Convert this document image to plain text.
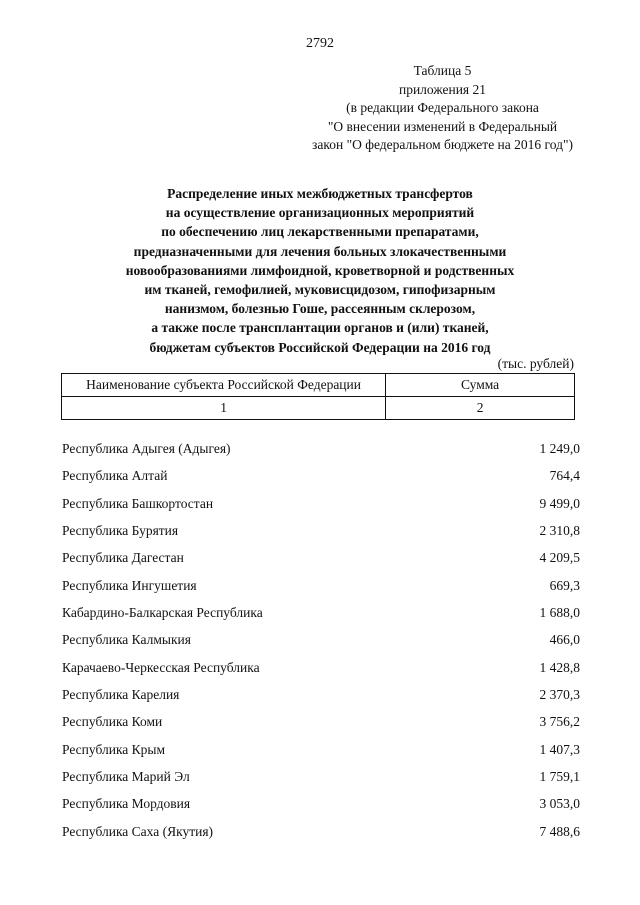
2792
Таблица 5
приложения 21
(в редакции Федерального закона
"О внесении изменений в Федеральный
закон "О федеральном бюджете на 2016 год")
Распределение иных межбюджетных трансфертов
на осуществление организационных мероприятий
по обеспечению лиц лекарственными препаратами,
предназначенными для лечения больных злокачественными
новообразованиями лимфоидной, кроветворной и родственных
им тканей, гемофилией, муковисцидозом, гипофизарным
нанизмом, болезнью Гоше, рассеянным склерозом,
а также после трансплантации органов и (или) тканей,
бюджетам субъектов Российской Федерации на 2016 год
(тыс. рублей)
Наименование субъекта Российской Федерации	Сумма
1	2
Республика Адыгея (Адыгея)	1 249,0
Республика Алтай	764,4
Республика Башкортостан	9 499,0
Республика Бурятия	2 310,8
Республика Дагестан	4 209,5
Республика Ингушетия	669,3
Кабардино-Балкарская Республика	1 688,0
Республика Калмыкия	466,0
Карачаево-Черкесская Республика	1 428,8
Республика Карелия	2 370,3
Республика Коми	3 756,2
Республика Крым	1 407,3
Республика Марий Эл	1 759,1
Республика Мордовия	3 053,0
Республика Саха (Якутия)	7 488,6
